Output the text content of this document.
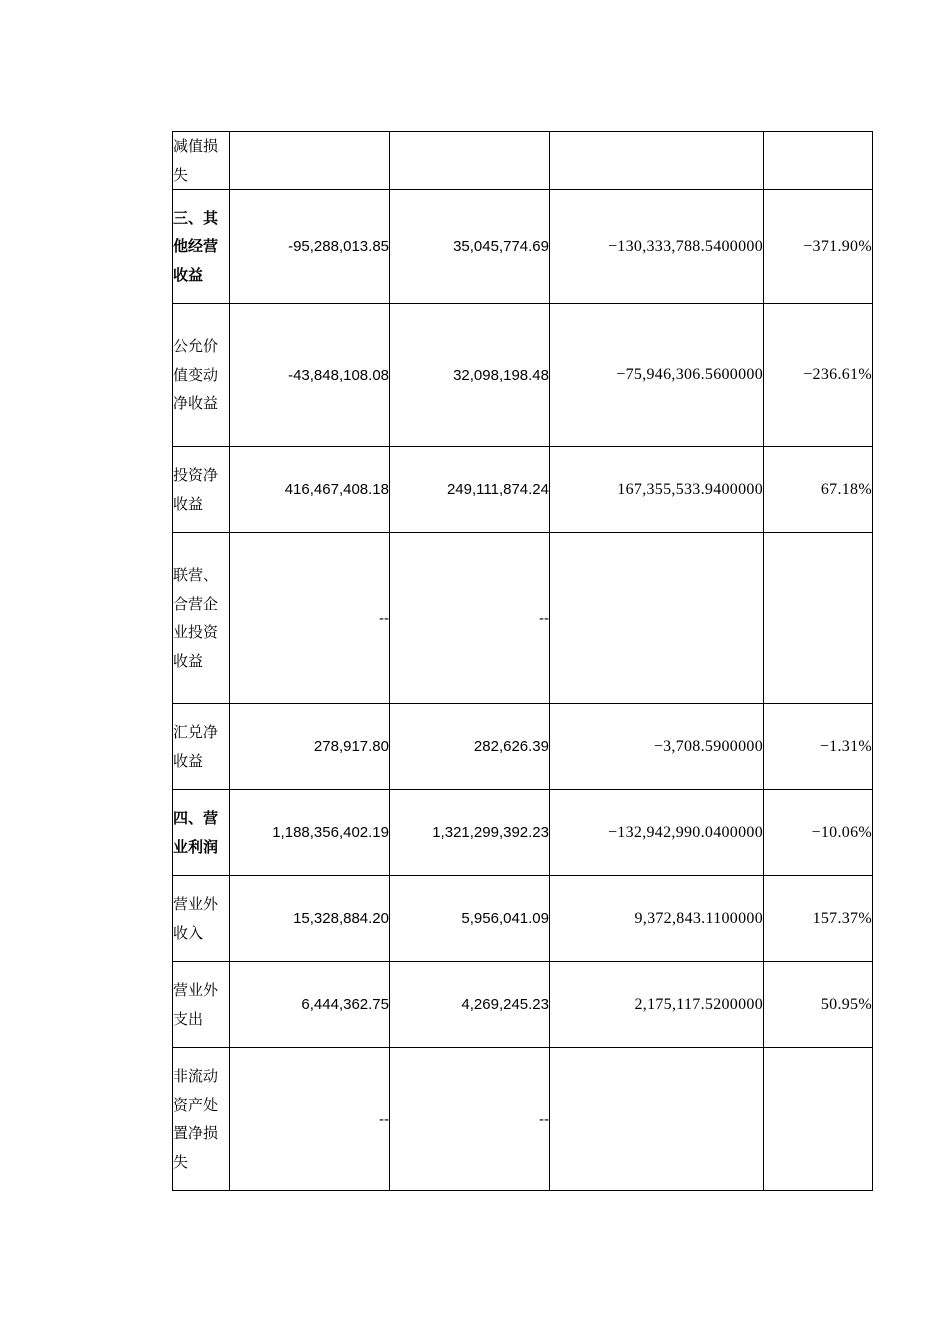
减值损失				
三、其他经营收益	-95,288,013.85	35,045,774.69	−130,333,788.5400000	−371.90%
公允价值变动净收益	-43,848,108.08	32,098,198.48	−75,946,306.5600000	−236.61%
投资净收益	416,467,408.18	249,111,874.24	167,355,533.9400000	67.18%
联营、合营企业投资收益	--	--		
汇兑净收益	278,917.80	282,626.39	−3,708.5900000	−1.31%
四、营业利润	1,188,356,402.19	1,321,299,392.23	−132,942,990.0400000	−10.06%
营业外收入	15,328,884.20	5,956,041.09	9,372,843.1100000	157.37%
营业外支出	6,444,362.75	4,269,245.23	2,175,117.5200000	50.95%
非流动资产处置净损失	--	--		
